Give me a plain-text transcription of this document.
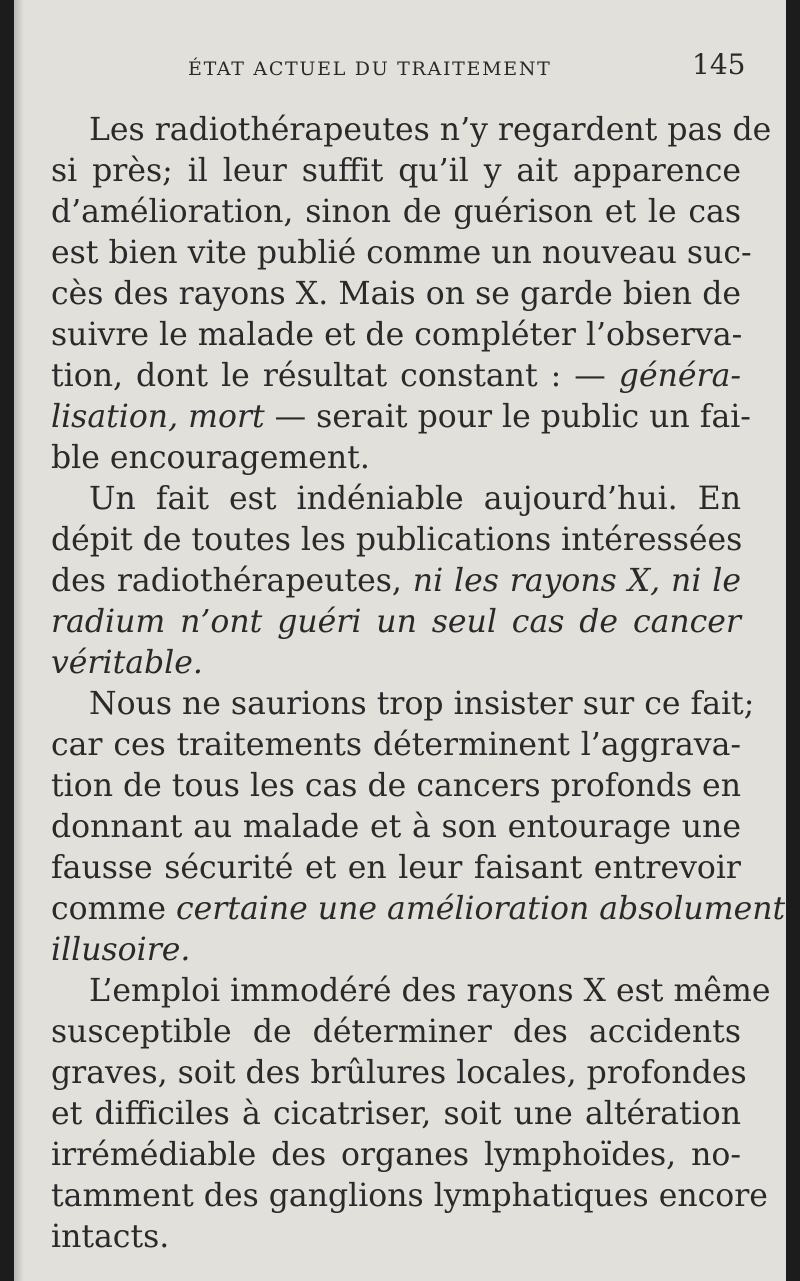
ÉTAT ACTUEL DU TRAITEMENT	145
Les radiothérapeutes n’y regardent pas de
si près; il leur suffit qu’il y ait apparence
d’amélioration, sinon de guérison et le cas
est bien vite publié comme un nouveau suc-
cès des rayons X. Mais on se garde bien de
suivre le malade et de compléter l’observa-
tion, dont le résultat constant : — généra-
lisation, mort — serait pour le public un fai-
ble encouragement.
Un fait est indéniable aujourd’hui. En
dépit de toutes les publications intéressées
des radiothérapeutes, ni les rayons X, ni le
radium n’ont guéri un seul cas de cancer
véritable.
Nous ne saurions trop insister sur ce fait;
car ces traitements déterminent l’aggrava-
tion de tous les cas de cancers profonds en
donnant au malade et à son entourage une
fausse sécurité et en leur faisant entrevoir
comme certaine une amélioration absolument
illusoire.
L’emploi immodéré des rayons X est même
susceptible de déterminer des accidents
graves, soit des brûlures locales, profondes
et difficiles à cicatriser, soit une altération
irrémédiable des organes lymphoïdes, no-
tamment des ganglions lymphatiques encore
intacts.
